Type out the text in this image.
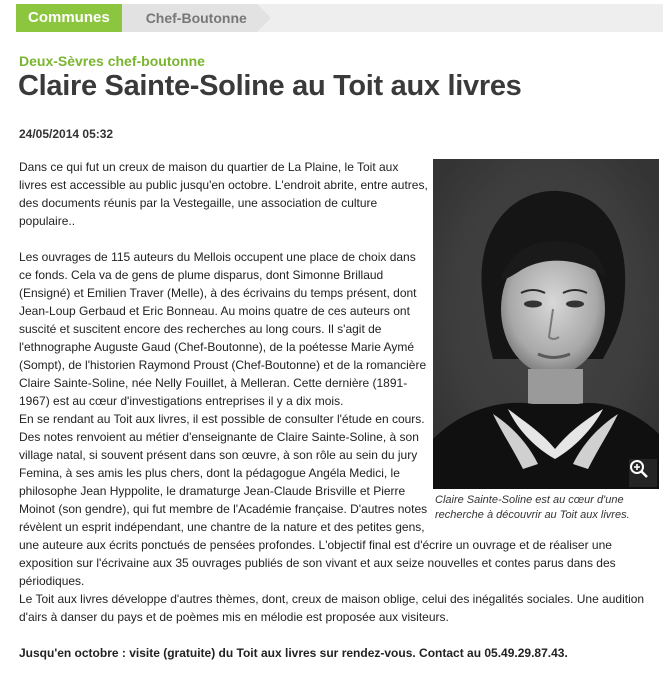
Communes	Chef-Boutonne
Deux-Sèvres chef-boutonne
Claire Sainte-Soline au Toit aux livres
24/05/2014 05:32
Claire Sainte-Soline est au cœur d'une recherche à découvrir au Toit aux livres.

Dans ce qui fut un creux de maison du quartier de La Plaine, le Toit aux livres est accessible au public jusqu'en octobre. L'endroit abrite, entre autres, des documents réunis par la Vestegaille, une association de culture populaire..

Les ouvrages de 115 auteurs du Mellois occupent une place de choix dans ce fonds. Cela va de gens de plume disparus, dont Simonne Brillaud (Ensigné) et Emilien Traver (Melle), à des écrivains du temps présent, dont Jean-Loup Gerbaud et Eric Bonneau. Au moins quatre de ces auteurs ont suscité et suscitent encore des recherches au long cours. Il s'agit de l'ethnographe Auguste Gaud (Chef-Boutonne), de la poétesse Marie Aymé (Sompt), de l'historien Raymond Proust (Chef-Boutonne) et de la romancière Claire Sainte-Soline, née Nelly Fouillet, à Melleran. Cette dernière (1891-1967) est au cœur d'investigations entreprises il y a dix mois.

En se rendant au Toit aux livres, il est possible de consulter l'étude en cours. Des notes renvoient au métier d'enseignante de Claire Sainte-Soline, à son village natal, si souvent présent dans son œuvre, à son rôle au sein du jury Femina, à ses amis les plus chers, dont la pédagogue Angéla Medici, le philosophe Jean Hyppolite, le dramaturge Jean-Claude Brisville et Pierre Moinot (son gendre), qui fut membre de l'Académie française. D'autres notes révèlent un esprit indépendant, une chantre de la nature et des petites gens, une auteure aux écrits ponctués de pensées profondes. L'objectif final est d'écrire un ouvrage et de réaliser une exposition sur l'écrivaine aux 35 ouvrages publiés de son vivant et aux seize nouvelles et contes parus dans des périodiques.

Le Toit aux livres développe d'autres thèmes, dont, creux de maison oblige, celui des inégalités sociales. Une audition d'airs à danser du pays et de poèmes mis en mélodie est proposée aux visiteurs.

Jusqu'en octobre : visite (gratuite) du Toit aux livres sur rendez-vous. Contact au 05.49.29.87.43.
